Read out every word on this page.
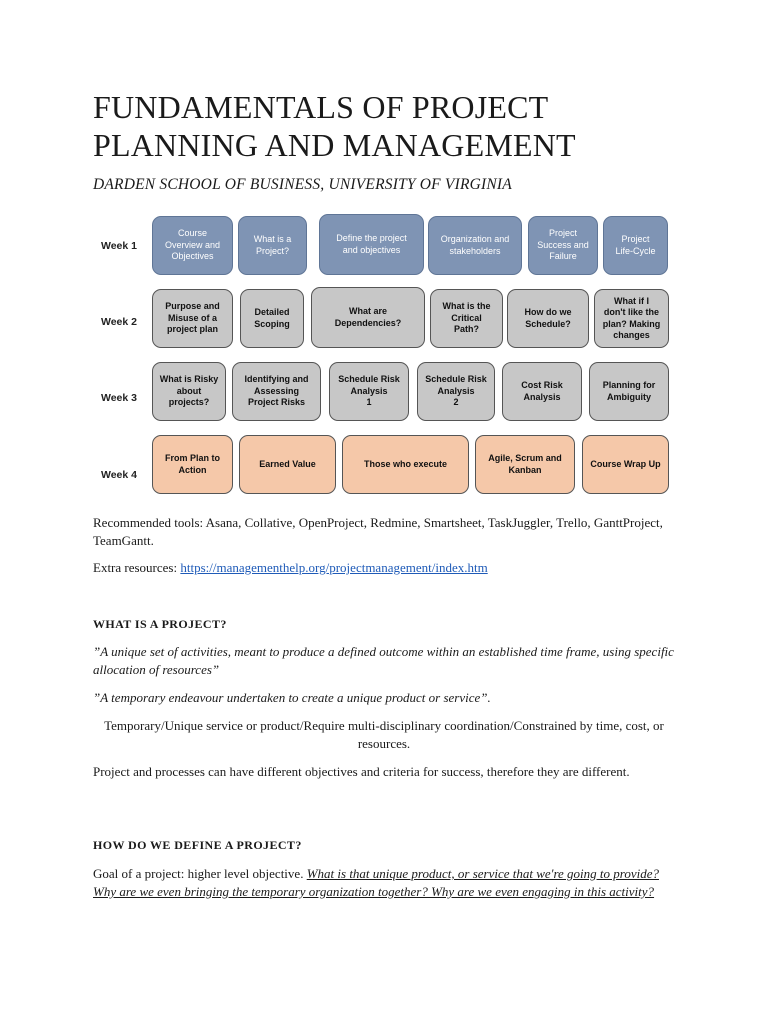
FUNDAMENTALS OF PROJECT PLANNING AND MANAGEMENT

DARDEN SCHOOL OF BUSINESS, UNIVERSITY OF VIRGINIA

Week 1
Course
Overview and
Objectives
What is a
Project?
Define the project
and objectives
Organization and
stakeholders
Project
Success and
Failure
Project
Life-Cycle
Week 2
Purpose and
Misuse of a
project plan
Detailed
Scoping
What are
Dependencies?
What is the
Critical
Path?
How do we
Schedule?
What if I
don't like the
plan? Making
changes
Week 3
What is Risky
about
projects?
Identifying and
Assessing
Project Risks
Schedule Risk
Analysis
1
Schedule Risk
Analysis
2
Cost Risk
Analysis
Planning for
Ambiguity
Week 4
From Plan to
Action
Earned Value	Those who execute
Agile, Scrum and
Kanban
Course Wrap Up

Recommended tools: Asana, Collative, OpenProject, Redmine, Smartsheet, TaskJuggler, Trello, GanttProject, TeamGantt.

Extra resources: https://managementhelp.org/projectmanagement/index.htm

WHAT IS A PROJECT?

”A unique set of activities, meant to produce a defined outcome within an established time frame, using specific allocation of resources”

”A temporary endeavour undertaken to create a unique product or service”.

Temporary/Unique service or product/Require multi-disciplinary coordination/Constrained by time, cost, or resources.

Project and processes can have different objectives and criteria for success, therefore they are different.

HOW DO WE DEFINE A PROJECT?

Goal of a project: higher level objective. What is that unique product, or service that we're going to provide? Why are we even bringing the temporary organization together? Why are we even engaging in this activity?
